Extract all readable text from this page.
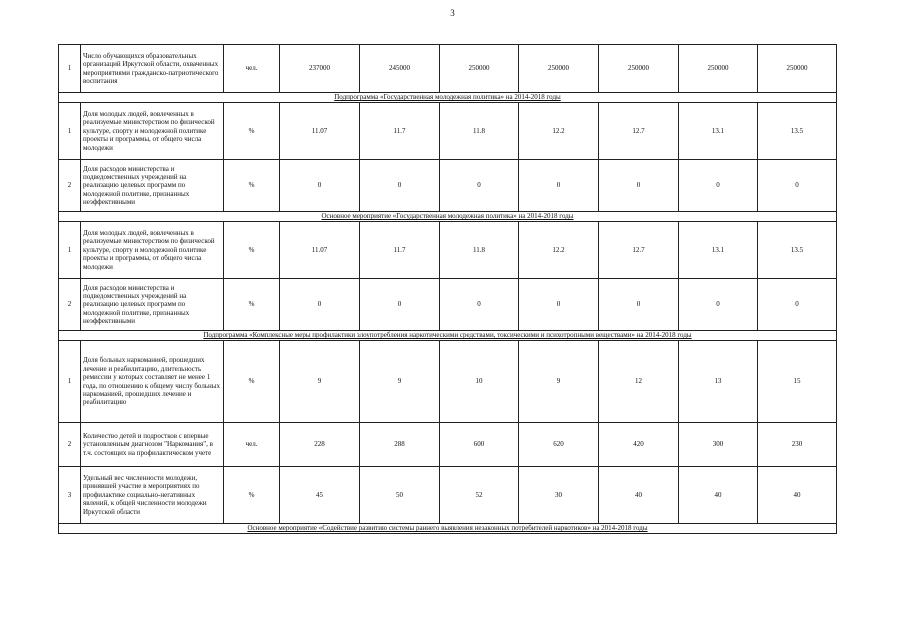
3
1	Число обучающихся образовательных организаций Иркутской области, охваченных мероприятиями гражданско-патриотического воспитания	чел.	237000	245000	250000	250000	250000	250000	250000
Подпрограмма «Государственная молодежная политика» на 2014-2018 годы									
1	Доля молодых людей, вовлеченных в реализуемые министерством по физической культуре, спорту и молодежной политике проекты и программы, от общего числа молодежи	%	11.07	11.7	11.8	12.2	12.7	13.1	13.5
2	Доля расходов министерства и подведомственных учреждений на реализацию целевых программ по молодежной политике, признанных неэффективными	%	0	0	0	0	0	0	0
Основное мероприятие «Государственная молодежная политика» на 2014-2018 годы									
1	Доля молодых людей, вовлеченных в реализуемые министерством по физической культуре, спорту и молодежной политике проекты и программы, от общего числа молодежи	%	11.07	11.7	11.8	12.2	12.7	13.1	13.5
2	Доля расходов министерства и подведомственных учреждений на реализацию целевых программ по молодежной политике, признанных неэффективными	%	0	0	0	0	0	0	0
Подпрограмма «Комплексные меры профилактики злоупотребления наркотическими средствами, токсическими и психотропными веществами» на 2014-2018 годы									
1	Доля больных наркоманией, прошедших лечение и реабилитацию, длительность ремиссии у которых составляет не менее 1 года, по отношению к общему числу больных наркоманией, прошедших лечение и реабилитацию	%	9	9	10	9	12	13	15
2	Количество детей и подростков с впервые установленным диагнозом "Наркомания", в т.ч. состоящих на профилактическом учете	чел.	228	288	600	620	420	300	230
3	Удельный вес численности молодежи, принявшей участие в мероприятиях по профилактике социально-негативных явлений, к общей численности молодежи Иркутской области	%	45	50	52	30	40	40	40
Основное мероприятие «Содействие развитию системы раннего выявления незаконных потребителей наркотиков» на 2014-2018 годы									
